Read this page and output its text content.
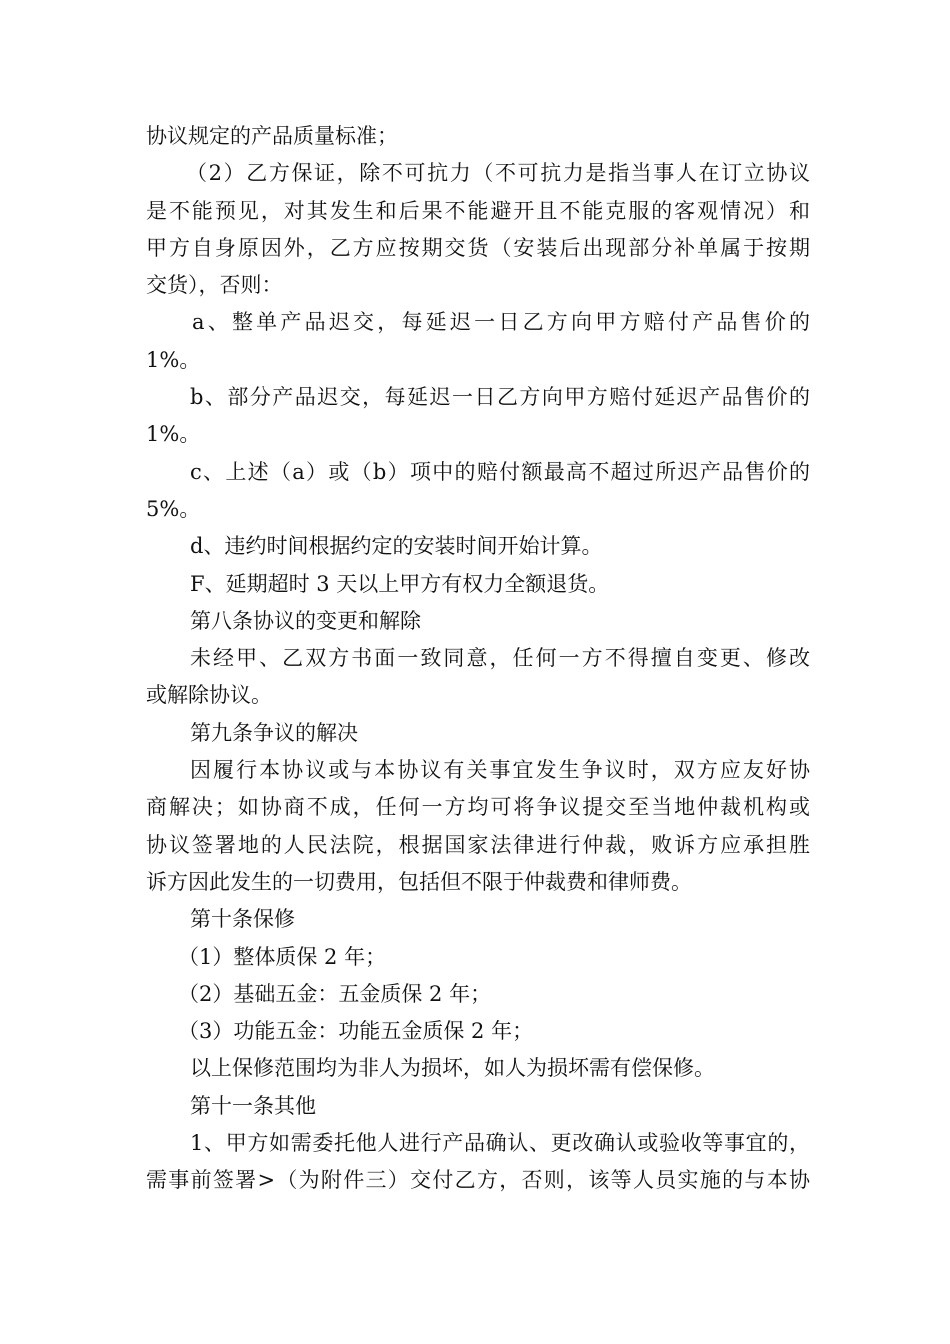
协议规定的产品质量标准；

（2）乙方保证，除不可抗力（不可抗力是指当事人在订立协议

是不能预见，对其发生和后果不能避开且不能克服的客观情况）和

甲方自身原因外，乙方应按期交货（安装后出现部分补单属于按期

交货），否则：

a、整单产品迟交，每延迟一日乙方向甲方赔付产品售价的

1%。

b、部分产品迟交，每延迟一日乙方向甲方赔付延迟产品售价的

1%。

c、上述（a）或（b）项中的赔付额最高不超过所迟产品售价的

5%。

d、违约时间根据约定的安装时间开始计算。

F、延期超时 3 天以上甲方有权力全额退货。

第八条协议的变更和解除

未经甲、乙双方书面一致同意，任何一方不得擅自变更、修改

或解除协议。

第九条争议的解决

因履行本协议或与本协议有关事宜发生争议时，双方应友好协

商解决；如协商不成，任何一方均可将争议提交至当地仲裁机构或

协议签署地的人民法院，根据国家法律进行仲裁，败诉方应承担胜

诉方因此发生的一切费用，包括但不限于仲裁费和律师费。

第十条保修

（1）整体质保 2 年；

（2）基础五金：五金质保 2 年；

（3）功能五金：功能五金质保 2 年；

以上保修范围均为非人为损坏，如人为损坏需有偿保修。

第十一条其他

1、甲方如需委托他人进行产品确认、更改确认或验收等事宜的，

需事前签署>（为附件三）交付乙方，否则，该等人员实施的与本协
